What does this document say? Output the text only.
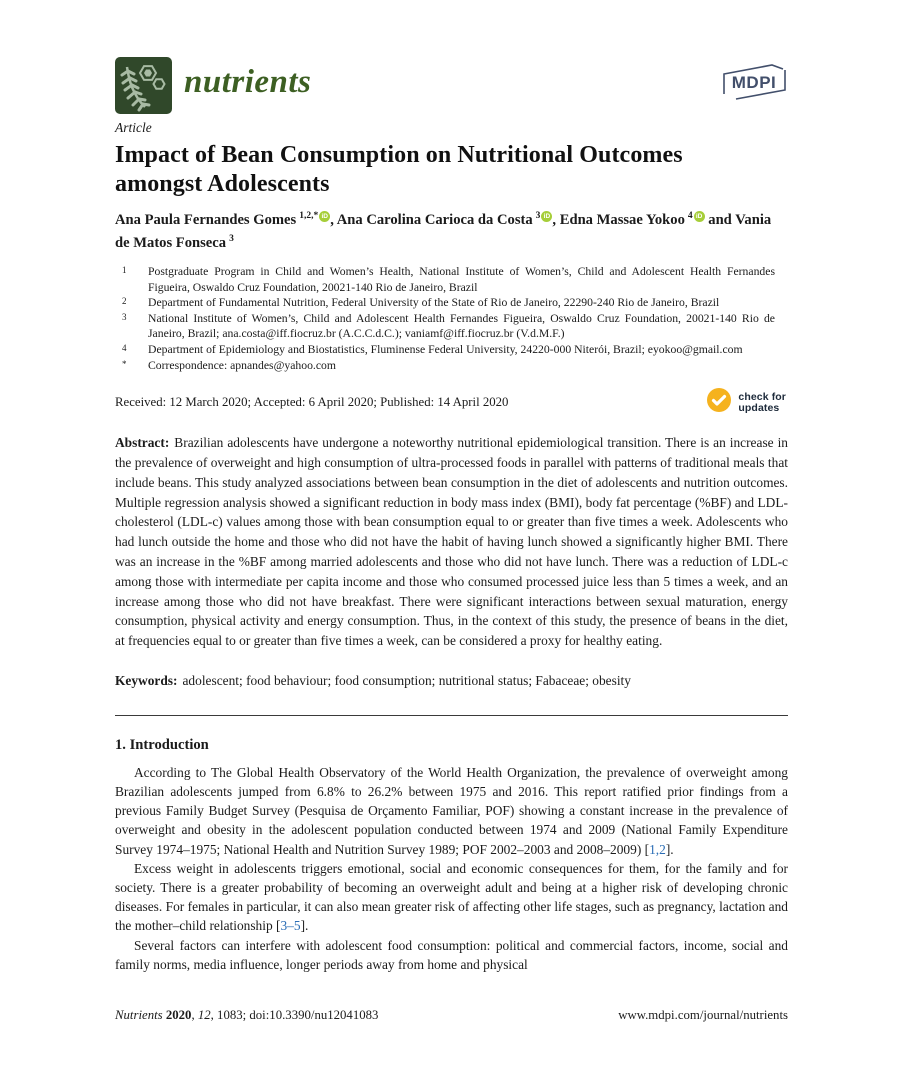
nutrients	MDPI
Article
Impact of Bean Consumption on Nutritional Outcomes amongst Adolescents
Ana Paula Fernandes Gomes $^{1,2,*}$ iD , Ana Carolina Carioca da Costa $^3$ iD , Edna Massae Yokoo $^4$ iD and Vania de Matos Fonseca $^3$
1 Postgraduate Program in Child and Women’s Health, National Institute of Women’s, Child and Adolescent Health Fernandes Figueira, Oswaldo Cruz Foundation, 20021-140 Rio de Janeiro, Brazil
2 Department of Fundamental Nutrition, Federal University of the State of Rio de Janeiro, 22290-240 Rio de Janeiro, Brazil
3 National Institute of Women’s, Child and Adolescent Health Fernandes Figueira, Oswaldo Cruz Foundation, 20021-140 Rio de Janeiro, Brazil; ana.costa@iff.fiocruz.br (A.C.C.d.C.); vaniamf@iff.fiocruz.br (V.d.M.F.)
4 Department of Epidemiology and Biostatistics, Fluminense Federal University, 24220-000 Niterói, Brazil; eyokoo@gmail.com
* Correspondence: apnandes@yahoo.com
Received: 12 March 2020; Accepted: 6 April 2020; Published: 14 April 2020	check for
updates

Abstract: Brazilian adolescents have undergone a noteworthy nutritional epidemiological transition. There is an increase in the prevalence of overweight and high consumption of ultra-processed foods in parallel with patterns of traditional meals that include beans. This study analyzed associations between bean consumption in the diet of adolescents and nutrition outcomes. Multiple regression analysis showed a significant reduction in body mass index (BMI), body fat percentage (%BF) and LDL-cholesterol (LDL-c) values among those with bean consumption equal to or greater than five times a week. Adolescents who had lunch outside the home and those who did not have the habit of having lunch showed a significantly higher BMI. There was an increase in the %BF among married adolescents and those who did not have lunch. There was a reduction of LDL-c among those with intermediate per capita income and those who consumed processed juice less than 5 times a week, and an increase among those who did not have breakfast. There were significant interactions between sexual maturation, energy consumption, physical activity and energy consumption. Thus, in the context of this study, the presence of beans in the diet, at frequencies equal to or greater than five times a week, can be considered a proxy for healthy eating.

Keywords: adolescent; food behaviour; food consumption; nutritional status; Fabaceae; obesity

1. Introduction

According to The Global Health Observatory of the World Health Organization, the prevalence of overweight among Brazilian adolescents jumped from 6.8% to 26.2% between 1975 and 2016. This report ratified prior findings from a previous Family Budget Survey (Pesquisa de Orçamento Familiar, POF) showing a constant increase in the prevalence of overweight and obesity in the adolescent population conducted between 1974 and 2009 (National Family Expenditure Survey 1974–1975; National Health and Nutrition Survey 1989; POF 2002–2003 and 2008–2009) [1,2].

Excess weight in adolescents triggers emotional, social and economic consequences for them, for the family and for society. There is a greater probability of becoming an overweight adult and being at a higher risk of developing chronic diseases. For females in particular, it can also mean greater risk of affecting other life stages, such as pregnancy, lactation and the mother–child relationship [3–5].

Several factors can interfere with adolescent food consumption: political and commercial factors, income, social and family norms, media influence, longer periods away from home and physical

Nutrients 2020, 12, 1083; doi:10.3390/nu12041083	www.mdpi.com/journal/nutrients
